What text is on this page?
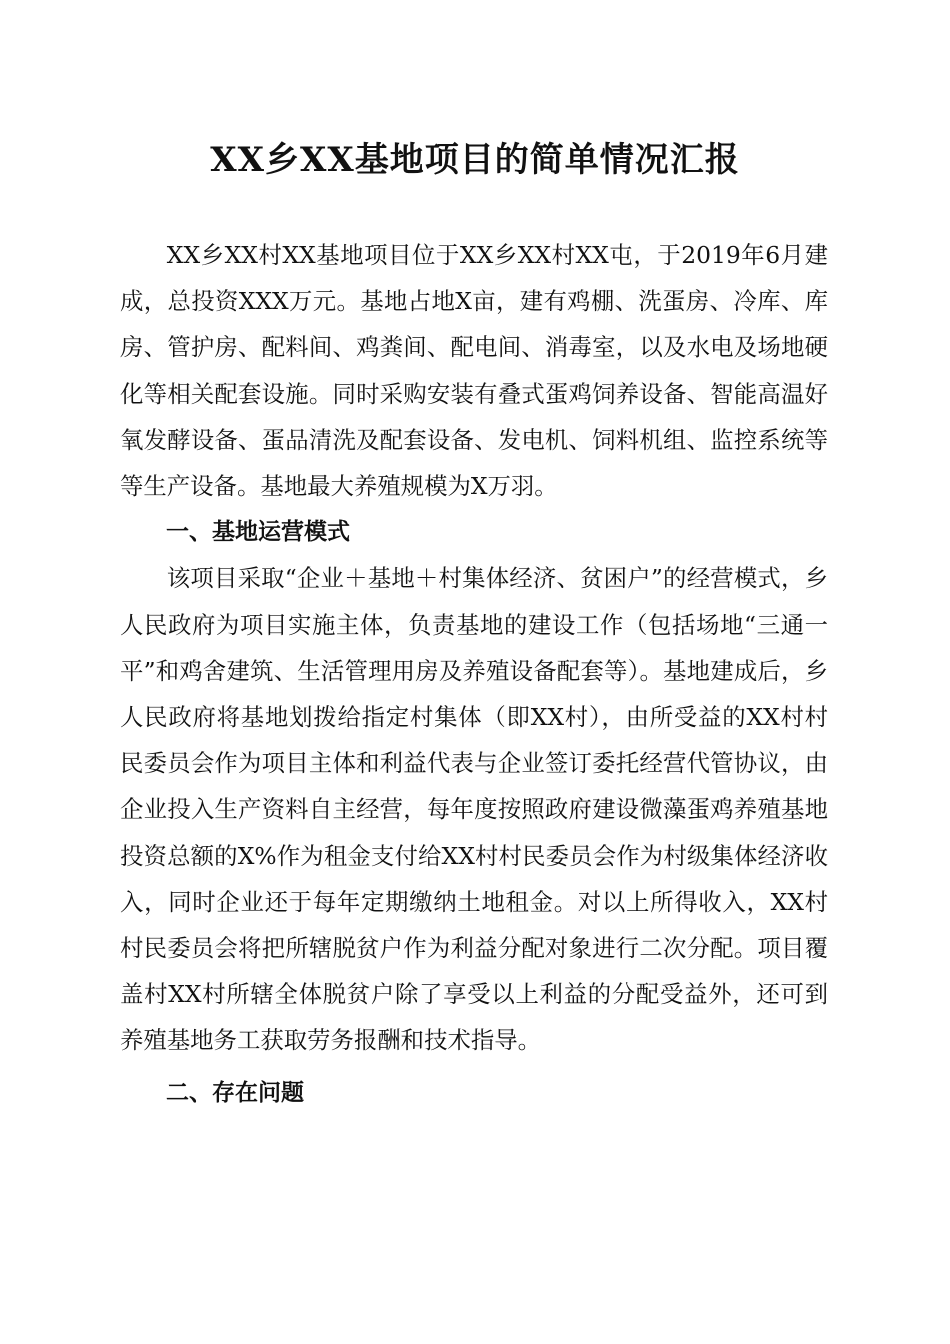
XX乡XX基地项目的简单情况汇报

XX乡XX村XX基地项目位于XX乡XX村XX屯，于2019年6月建成，总投资XXX万元。基地占地X亩，建有鸡棚、洗蛋房、冷库、库房、管护房、配料间、鸡粪间、配电间、消毒室，以及水电及场地硬化等相关配套设施。同时采购安装有叠式蛋鸡饲养设备、智能高温好氧发酵设备、蛋品清洗及配套设备、发电机、饲料机组、监控系统等等生产设备。基地最大养殖规模为X万羽。

一、基地运营模式

该项目采取“企业＋基地＋村集体经济、贫困户”的经营模式，乡人民政府为项目实施主体，负责基地的建设工作（包括场地“三通一平”和鸡舍建筑、生活管理用房及养殖设备配套等）。基地建成后，乡人民政府将基地划拨给指定村集体（即XX村），由所受益的XX村村民委员会作为项目主体和利益代表与企业签订委托经营代管协议，由企业投入生产资料自主经营，每年度按照政府建设微藻蛋鸡养殖基地投资总额的X%作为租金支付给XX村村民委员会作为村级集体经济收入，同时企业还于每年定期缴纳土地租金。对以上所得收入，XX村村民委员会将把所辖脱贫户作为利益分配对象进行二次分配。项目覆盖村XX村所辖全体脱贫户除了享受以上利益的分配受益外，还可到养殖基地务工获取劳务报酬和技术指导。

二、存在问题
